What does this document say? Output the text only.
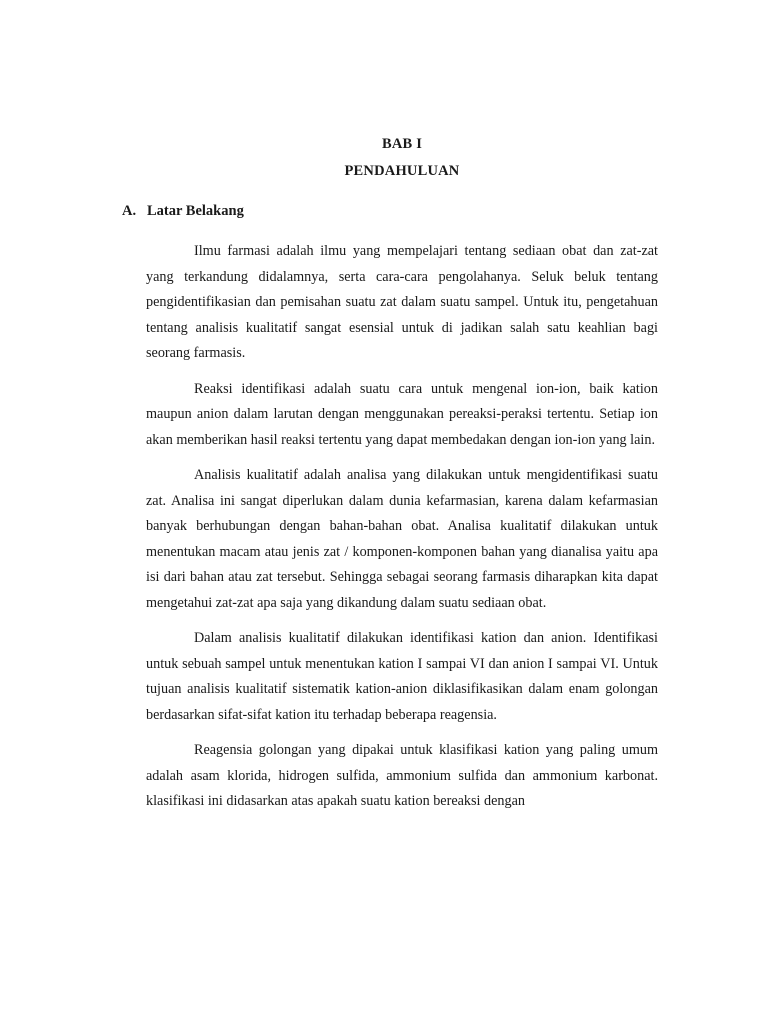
BAB I
PENDAHULUAN
A. Latar Belakang

Ilmu farmasi adalah ilmu yang mempelajari tentang sediaan obat dan zat-zat yang terkandung didalamnya, serta cara-cara pengolahanya. Seluk beluk tentang pengidentifikasian dan pemisahan suatu zat dalam suatu sampel. Untuk itu, pengetahuan tentang analisis kualitatif sangat esensial untuk di jadikan salah satu keahlian bagi seorang farmasis.

Reaksi identifikasi adalah suatu cara untuk mengenal ion-ion, baik kation maupun anion dalam larutan dengan menggunakan pereaksi-peraksi tertentu. Setiap ion akan memberikan hasil reaksi tertentu yang dapat membedakan dengan ion-ion yang lain.

Analisis kualitatif adalah analisa yang dilakukan untuk mengidentifikasi suatu zat. Analisa ini sangat diperlukan dalam dunia kefarmasian, karena dalam kefarmasian banyak berhubungan dengan bahan-bahan obat. Analisa kualitatif dilakukan untuk menentukan macam atau jenis zat / komponen-komponen bahan yang dianalisa yaitu apa isi dari bahan atau zat tersebut. Sehingga sebagai seorang farmasis diharapkan kita dapat mengetahui zat-zat apa saja yang dikandung dalam suatu sediaan obat.

Dalam analisis kualitatif dilakukan identifikasi kation dan anion. Identifikasi untuk sebuah sampel untuk menentukan kation I sampai VI dan anion I sampai VI. Untuk tujuan analisis kualitatif sistematik kation-anion diklasifikasikan dalam enam golongan berdasarkan sifat-sifat kation itu terhadap beberapa reagensia.

Reagensia golongan yang dipakai untuk klasifikasi kation yang paling umum adalah asam klorida, hidrogen sulfida, ammonium sulfida dan ammonium karbonat. klasifikasi ini didasarkan atas apakah suatu kation bereaksi dengan
